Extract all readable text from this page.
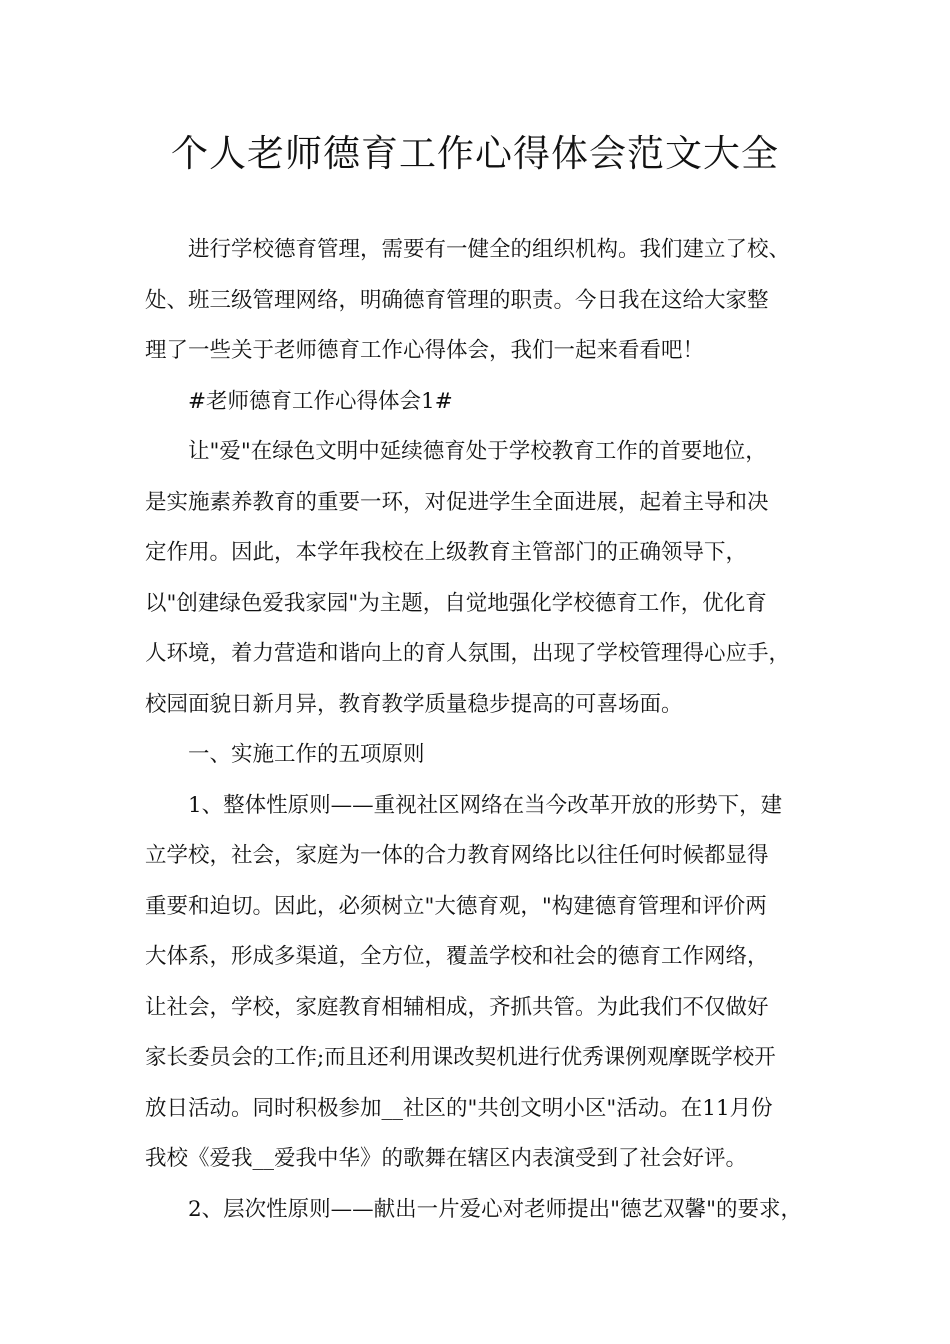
个人老师德育工作心得体会范文大全
进行学校德育管理，需要有一健全的组织机构。我们建立了校、
处、班三级管理网络，明确德育管理的职责。今日我在这给大家整
理了一些关于老师德育工作心得体会，我们一起来看看吧！
#老师德育工作心得体会1#
让"爱"在绿色文明中延续德育处于学校教育工作的首要地位，
是实施素养教育的重要一环，对促进学生全面进展，起着主导和决
定作用。因此，本学年我校在上级教育主管部门的正确领导下，
以"创建绿色爱我家园"为主题，自觉地强化学校德育工作，优化育
人环境，着力营造和谐向上的育人氛围，出现了学校管理得心应手，
校园面貌日新月异，教育教学质量稳步提高的可喜场面。
一、实施工作的五项原则
1、整体性原则——重视社区网络在当今改革开放的形势下，建
立学校，社会，家庭为一体的合力教育网络比以往任何时候都显得
重要和迫切。因此，必须树立"大德育观，"构建德育管理和评价两
大体系，形成多渠道，全方位，覆盖学校和社会的德育工作网络，
让社会，学校，家庭教育相辅相成，齐抓共管。为此我们不仅做好
家长委员会的工作;而且还利用课改契机进行优秀课例观摩既学校开
放日活动。同时积极参加__社区的"共创文明小区"活动。在11月份
我校《爱我__爱我中华》的歌舞在辖区内表演受到了社会好评。
2、层次性原则——献出一片爱心对老师提出"德艺双馨"的要求，
